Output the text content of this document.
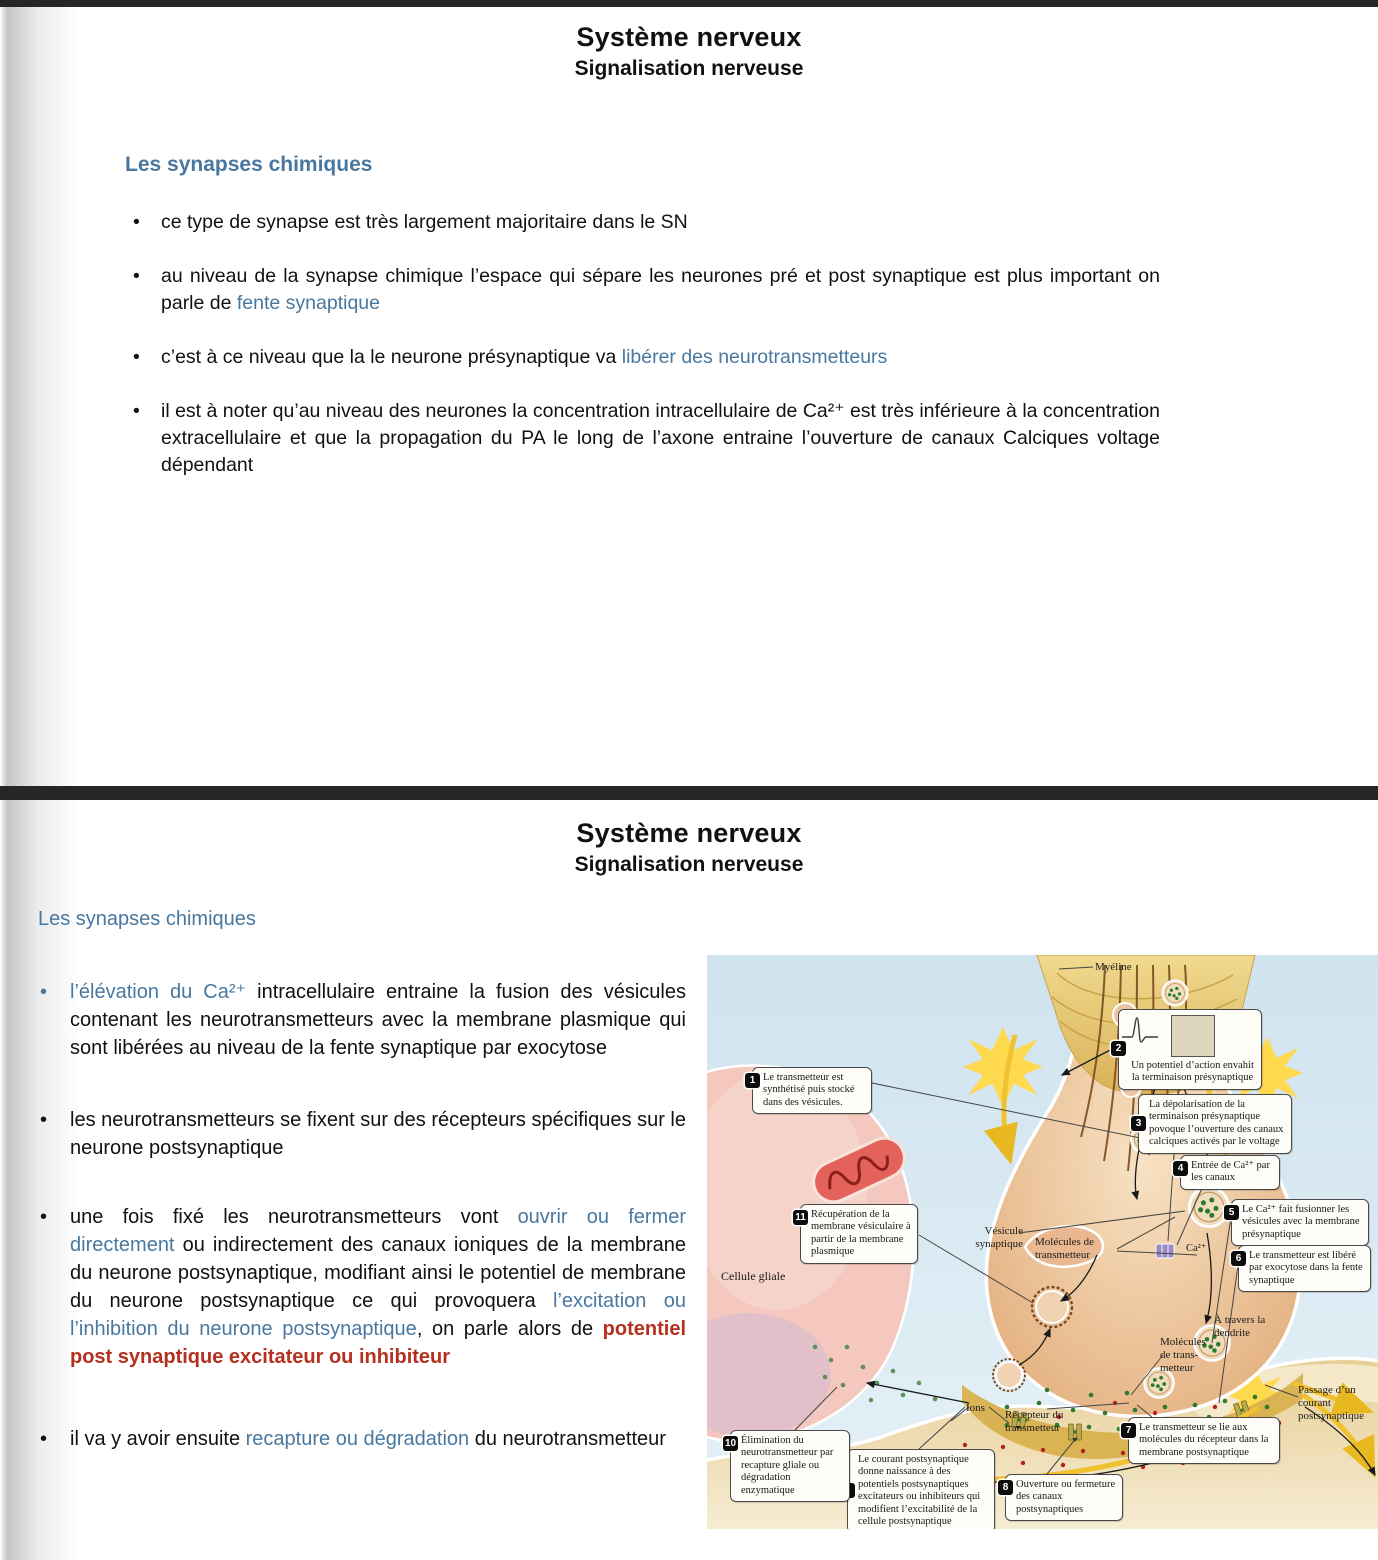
Système nerveux
Signalisation nerveuse
Les synapses chimiques
• ce type de synapse est très largement majoritaire dans le SN
• au niveau de la synapse chimique l’espace qui sépare les neurones pré et post synaptique est plus important on parle de fente synaptique
• c’est à ce niveau que la le neurone présynaptique va libérer des neurotransmetteurs
• il est à noter qu’au niveau des neurones la concentration intracellulaire de Ca²⁺ est très inférieure à la concentration extracellulaire et que la propagation du PA le long de l’axone entraine l’ouverture de canaux Calciques voltage dépendant
Système nerveux
Signalisation nerveuse
Les synapses chimiques
• l’élévation du Ca²⁺ intracellulaire entraine la fusion des vésicules contenant les neurotransmetteurs avec la membrane plasmique qui sont libérées au niveau de la fente synaptique par exocytose
• les neurotransmetteurs se fixent sur des récepteurs spécifiques sur le neurone postsynaptique
• une fois fixé les neurotransmetteurs vont ouvrir ou fermer directement ou indirectement des canaux ioniques de la membrane du neurone postsynaptique, modifiant ainsi le potentiel de membrane du neurone postsynaptique ce qui provoquera l’excitation ou l’inhibition du neurone postsynaptique, on parle alors de potentiel post synaptique excitateur ou inhibiteur
• il va y avoir ensuite recapture ou dégradation du neurotransmetteur
1 Le transmetteur est synthétisé puis stocké dans des vésicules.
2
Un potentiel d’action envahit la terminaison présynaptique
3
La dépolarisation de la terminaison présynaptique povoque l’ouverture des canaux calciques activés par le voltage
4 Entrée de Ca²⁺ par les canaux
5 Le Ca²⁺ fait fusionner les vésicules avec la membrane présynaptique
6 Le transmetteur est libéré par exocytose dans la fente synaptique
7 Le transmetteur se lie aux molécules du récepteur dans la membrane postsynaptique
8 Ouverture ou fermeture des canaux postsynaptiques
Le courant postsynaptique donne naissance à des potentiels postsynaptiques excitateurs ou inhibiteurs qui modifient l’excitabilité de la cellule postsynaptique
10 Élimination du neurotransmetteur par recapture gliale ou dégradation enzymatique
11 Récupération de la membrane vésiculaire à partir de la membrane plasmique
Myéline
Cellule gliale
Vésicule synaptique Molécules de transmetteur
Ca²⁺
À travers la dendrite
Molécules de transmetteur
Ions
Récepteur du transmetteur
Passage d’un courant postsynaptique
